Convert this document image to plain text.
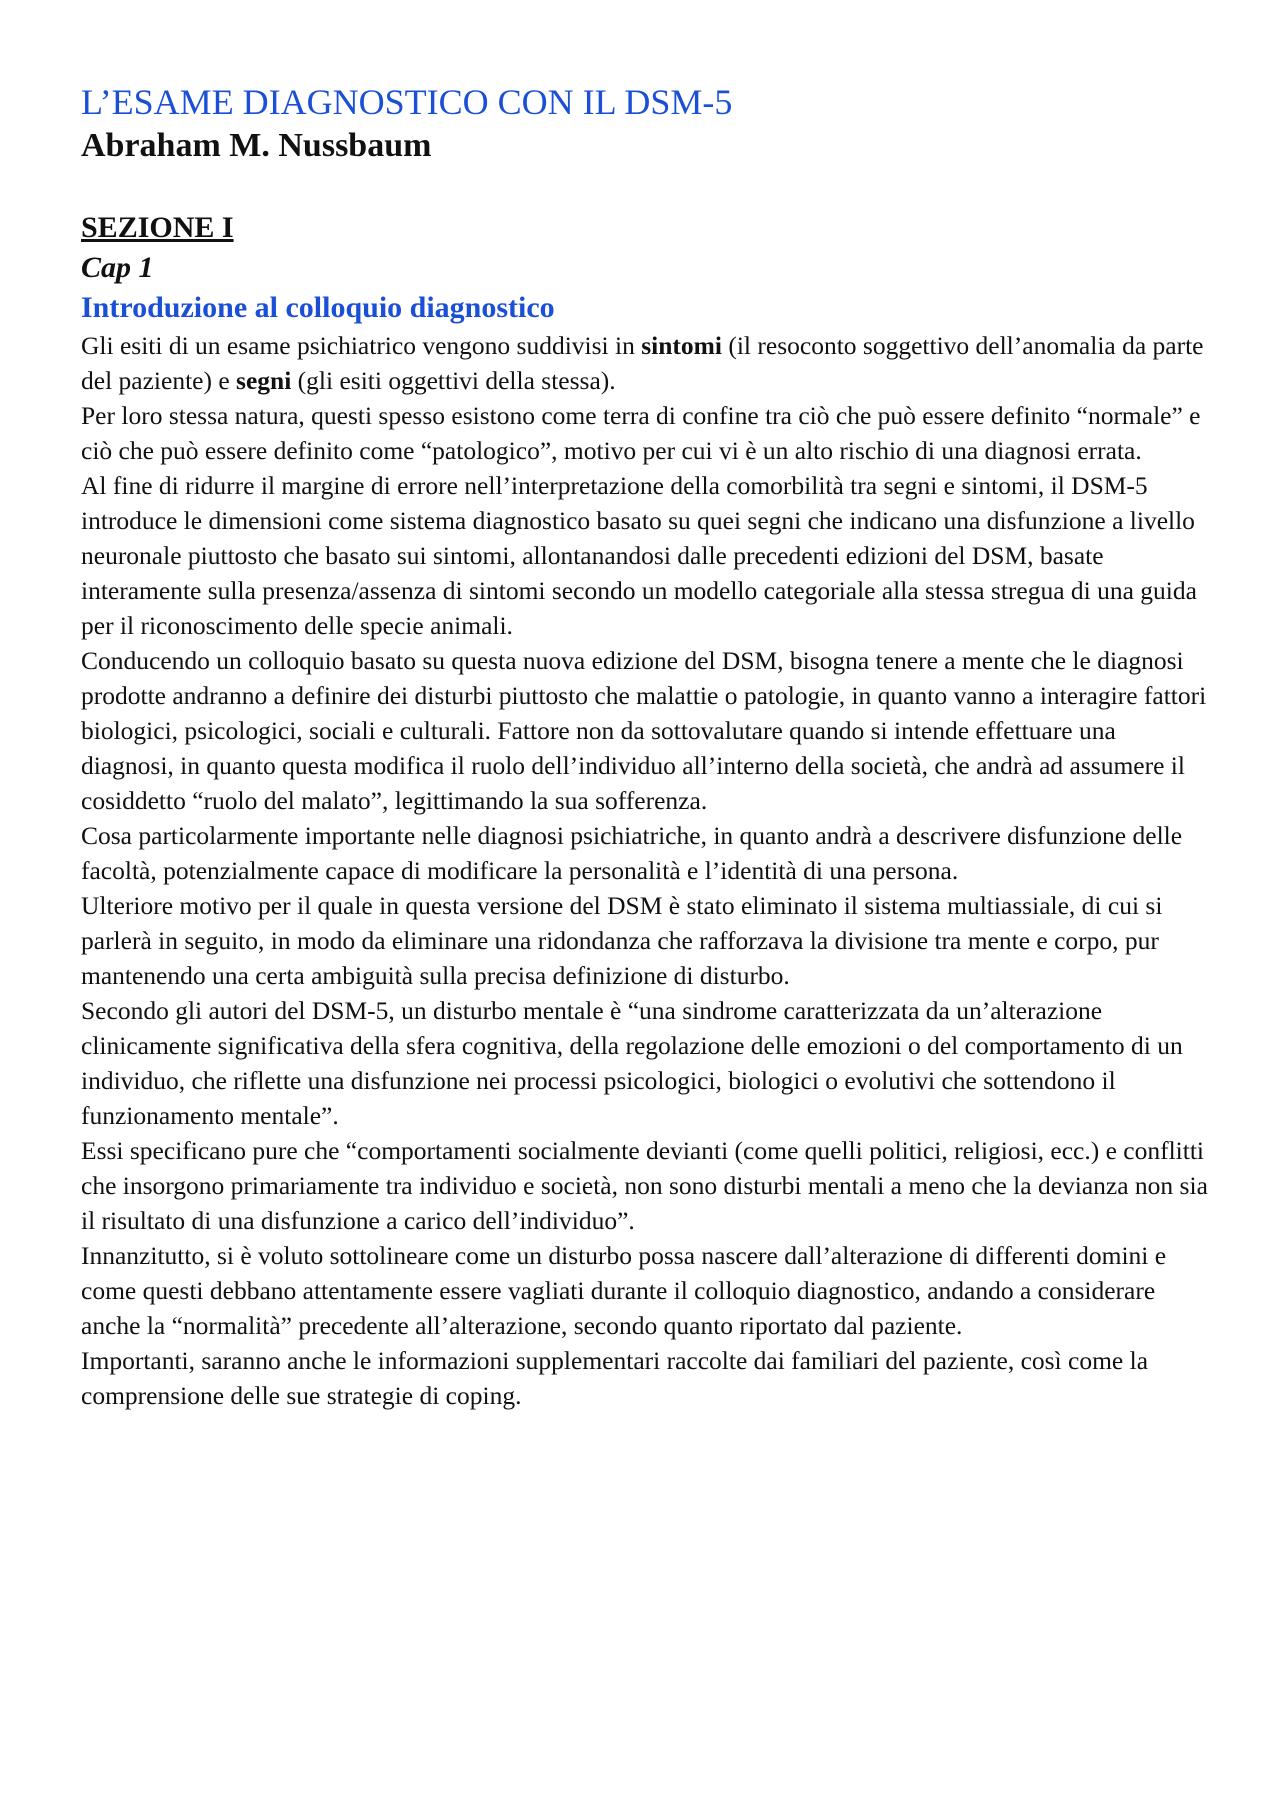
L’ESAME DIAGNOSTICO CON IL DSM-5
Abraham M. Nussbaum
SEZIONE I
Cap 1
Introduzione al colloquio diagnostico

Gli esiti di un esame psichiatrico vengono suddivisi in sintomi (il resoconto soggettivo dell’anomalia da parte del paziente) e segni (gli esiti oggettivi della stessa).

Per loro stessa natura, questi spesso esistono come terra di confine tra ciò che può essere definito “normale” e ciò che può essere definito come “patologico”, motivo per cui vi è un alto rischio di una diagnosi errata.

Al fine di ridurre il margine di errore nell’interpretazione della comorbilità tra segni e sintomi, il DSM-5 introduce le dimensioni come sistema diagnostico basato su quei segni che indicano una disfunzione a livello neuronale piuttosto che basato sui sintomi, allontanandosi dalle precedenti edizioni del DSM, basate interamente sulla presenza/assenza di sintomi secondo un modello categoriale alla stessa stregua di una guida per il riconoscimento delle specie animali.

Conducendo un colloquio basato su questa nuova edizione del DSM, bisogna tenere a mente che le diagnosi prodotte andranno a definire dei disturbi piuttosto che malattie o patologie, in quanto vanno a interagire fattori biologici, psicologici, sociali e culturali. Fattore non da sottovalutare quando si intende effettuare una diagnosi, in quanto questa modifica il ruolo dell’individuo all’interno della società, che andrà ad assumere il cosiddetto “ruolo del malato”, legittimando la sua sofferenza.

Cosa particolarmente importante nelle diagnosi psichiatriche, in quanto andrà a descrivere disfunzione delle facoltà, potenzialmente capace di modificare la personalità e l’identità di una persona.

Ulteriore motivo per il quale in questa versione del DSM è stato eliminato il sistema multiassiale, di cui si parlerà in seguito, in modo da eliminare una ridondanza che rafforzava la divisione tra mente e corpo, pur mantenendo una certa ambiguità sulla precisa definizione di disturbo.

Secondo gli autori del DSM-5, un disturbo mentale è “una sindrome caratterizzata da un’alterazione clinicamente significativa della sfera cognitiva, della regolazione delle emozioni o del comportamento di un individuo, che riflette una disfunzione nei processi psicologici, biologici o evolutivi che sottendono il funzionamento mentale”.

Essi specificano pure che “comportamenti socialmente devianti (come quelli politici, religiosi, ecc.) e conflitti che insorgono primariamente tra individuo e società, non sono disturbi mentali a meno che la devianza non sia il risultato di una disfunzione a carico dell’individuo”.

Innanzitutto, si è voluto sottolineare come un disturbo possa nascere dall’alterazione di differenti domini e come questi debbano attentamente essere vagliati durante il colloquio diagnostico, andando a considerare anche la “normalità” precedente all’alterazione, secondo quanto riportato dal paziente.

Importanti, saranno anche le informazioni supplementari raccolte dai familiari del paziente, così come la comprensione delle sue strategie di coping.
